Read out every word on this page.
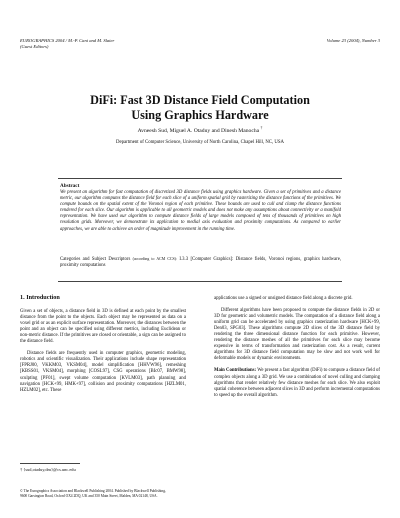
EUROGRAPHICS 2004 / M.-P. Cani and M. Slater
(Guest Editors)
Volume 23 (2004), Number 3
DiFi: Fast 3D Distance Field Computation
Using Graphics Hardware
Avneesh Sud, Miguel A. Otaduy and Dinesh Manocha †
Department of Computer Science, University of North Carolina, Chapel Hill, NC, USA
Abstract
We present an algorithm for fast computation of discretized 3D distance fields using graphics hardware. Given a set of primitives and a distance metric, our algorithm computes the distance field for each slice of a uniform spatial grid by rasterizing the distance functions of the primitives. We compute bounds on the spatial extent of the Voronoi region of each primitive. These bounds are used to cull and clamp the distance functions rendered for each slice. Our algorithm is applicable to all geometric models and does not make any assumptions about connectivity or a manifold representation. We have used our algorithm to compute distance fields of large models composed of tens of thousands of primitives on high resolution grids. Moreover, we demonstrate its application to medial axis evaluation and proximity computations. As compared to earlier approaches, we are able to achieve an order of magnitude improvement in the running time.
Categories and Subject Descriptors (according to ACM CCS): I.3.3 [Computer Graphics]: Distance fields, Voronoi regions, graphics hardware, proximity computations
1. Introduction

Given a set of objects, a distance field in 3D is defined at each point by the smallest distance from the point to the objects. Each object may be represented as data on a voxel grid or as an explicit surface representation. Moreover, the distances between the point and an object can be specified using different metrics, including Euclidean or non-metric distance. If the primitives are closed or orientable, a sign can be assigned to the distance field.

Distance fields are frequently used in computer graphics, geometric modeling, robotics and scientific visualization. Their applications include shape representation [FPRJ00, VKKM03, VKSM04], model simplification [HHVW96], remeshing [KBSS01, VKSM04], morphing [COSL97], CSG operations [BIc07, BMW98], sculpting [PF01], swept volume computation [KVLM03], path planning and navigation [HCK+99, HMK+97], collision and proximity computations [HZLM01, HZLM02], etc. These

† {sud,otaduy,dm}@cs.unc.edu
© The Eurographics Association and Blackwell Publishing 2004. Published by Blackwell Publishing, 9600 Garsington Road, Oxford OX4 2DQ, UK and 350 Main Street, Malden, MA 02148, USA.

applications use a signed or unsigned distance field along a discrete grid.

Different algorithms have been proposed to compute the distance fields in 2D or 3D for geometric and volumetric models. The computation of a distance field along a uniform grid can be accelerated by using graphics rasterization hardware [HCK+99, Den03, SPG03]. These algorithms compute 2D slices of the 3D distance field by rendering the three dimensional distance function for each primitive. However, rendering the distance meshes of all the primitives for each slice may become expensive in terms of transformation and rasterization cost. As a result, current algorithms for 3D distance field computation may be slow and not work well for deformable models or dynamic environments.

Main Contributions: We present a fast algorithm (DiFi) to compute a distance field of complex objects along a 3D grid. We use a combination of novel culling and clamping algorithms that render relatively few distance meshes for each slice. We also exploit spatial coherence between adjacent slices in 3D and perform incremental computations to speed up the overall algorithm.
